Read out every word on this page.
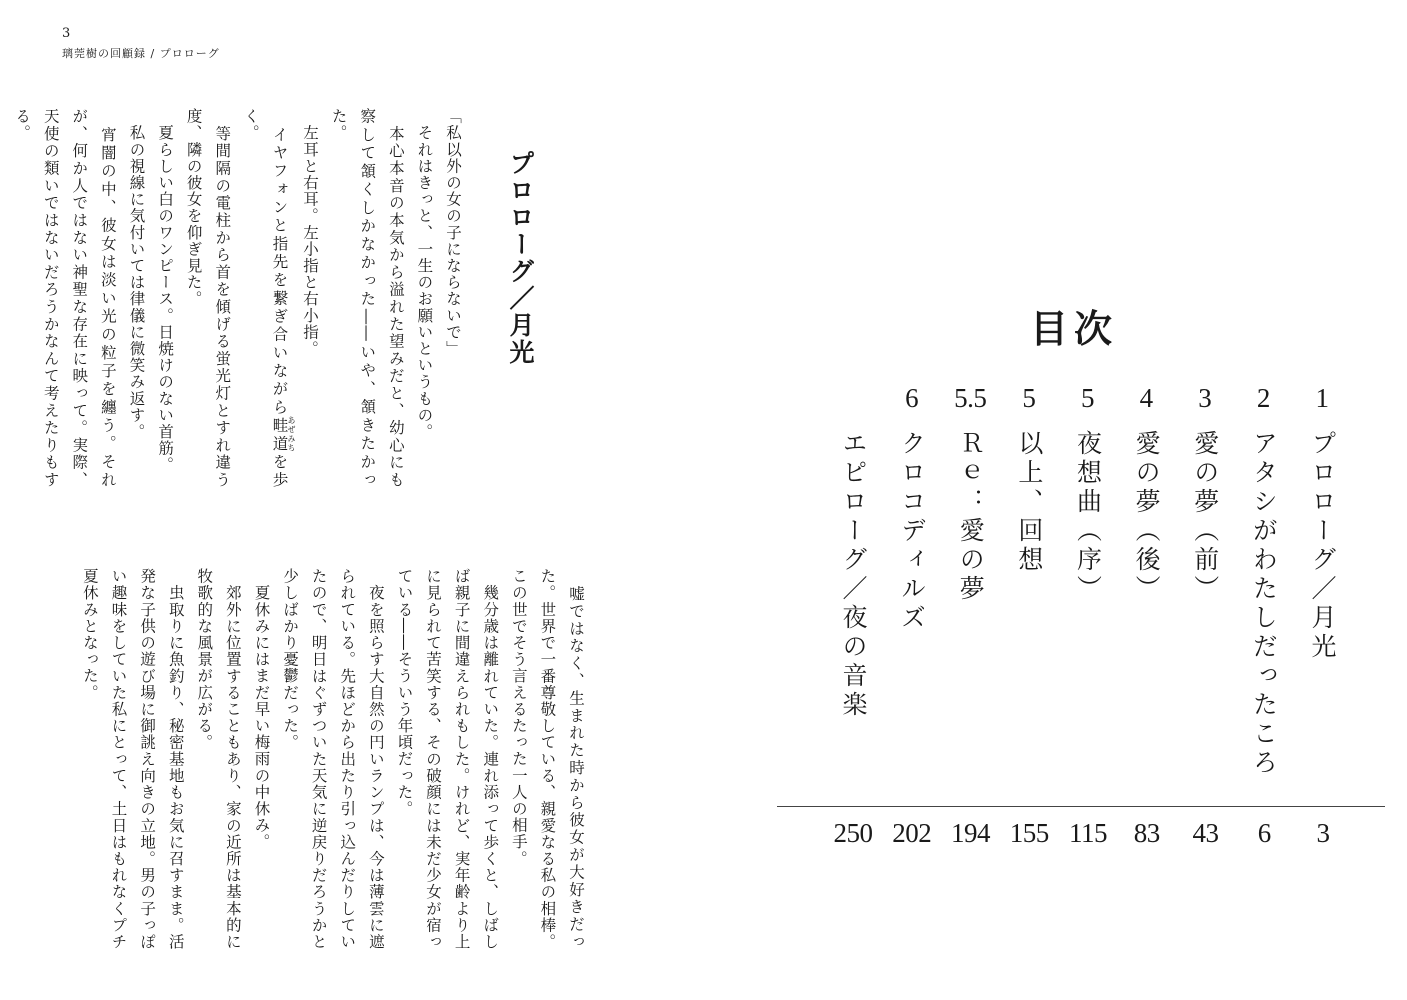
3
璃莞樹の回顧録 / プロローグ
プロローグ／月光

「私以外の女の子にならないで」

　それはきっと、一生のお願いというもの。

　本心本音の本気から溢れた望みだと、幼心にも察して頷くしかなかった――いや、頷きたかった。

　左耳と右耳。左小指と右小指。

　イヤフォンと指先を繋ぎ合いながら畦道あぜみちを歩く。

　等間隔の電柱から首を傾げる蛍光灯とすれ違う度、隣の彼女を仰ぎ見た。

　夏らしい白のワンピース。日焼けのない首筋。

　私の視線に気付いては律儀に微笑み返す。

　宵闇の中、彼女は淡い光の粒子を纏う。それが、何か人ではない神聖な存在に映って。実際、天使の類いではないだろうかなんて考えたりもする。

　嘘ではなく、生まれた時から彼女が大好きだった。世界で一番尊敬している、親愛なる私の相棒。この世でそう言えるたった一人の相手。

　幾分歳は離れていた。連れ添って歩くと、しばしば親子に間違えられもした。けれど、実年齢より上に見られて苦笑する、その破顔には未だ少女が宿っている――そういう年頃だった。

　夜を照らす大自然の円いランプは、今は薄雲に遮られている。先ほどから出たり引っ込んだりしていたので、明日はぐずついた天気に逆戻りだろうかと少しばかり憂鬱だった。

　夏休みにはまだ早い梅雨の中休み。

　郊外に位置することもあり、家の近所は基本的に牧歌的な風景が広がる。

　虫取りに魚釣り、秘密基地もお気に召すまま。活発な子供の遊び場に御誂え向きの立地。男の子っぽい趣味をしていた私にとって、土日はもれなくプチ夏休みとなった。

目次
1
プロローグ／月光
2
アタシがわたしだったころ
3
愛の夢（前）
4
愛の夢（後）
5
夜想曲（序）
5
以上、回想
5.5
Ｒｅ：愛の夢
6
クロコディルズ
エピローグ／夜の音楽
3
6
43
83
115
155
194
202
250
